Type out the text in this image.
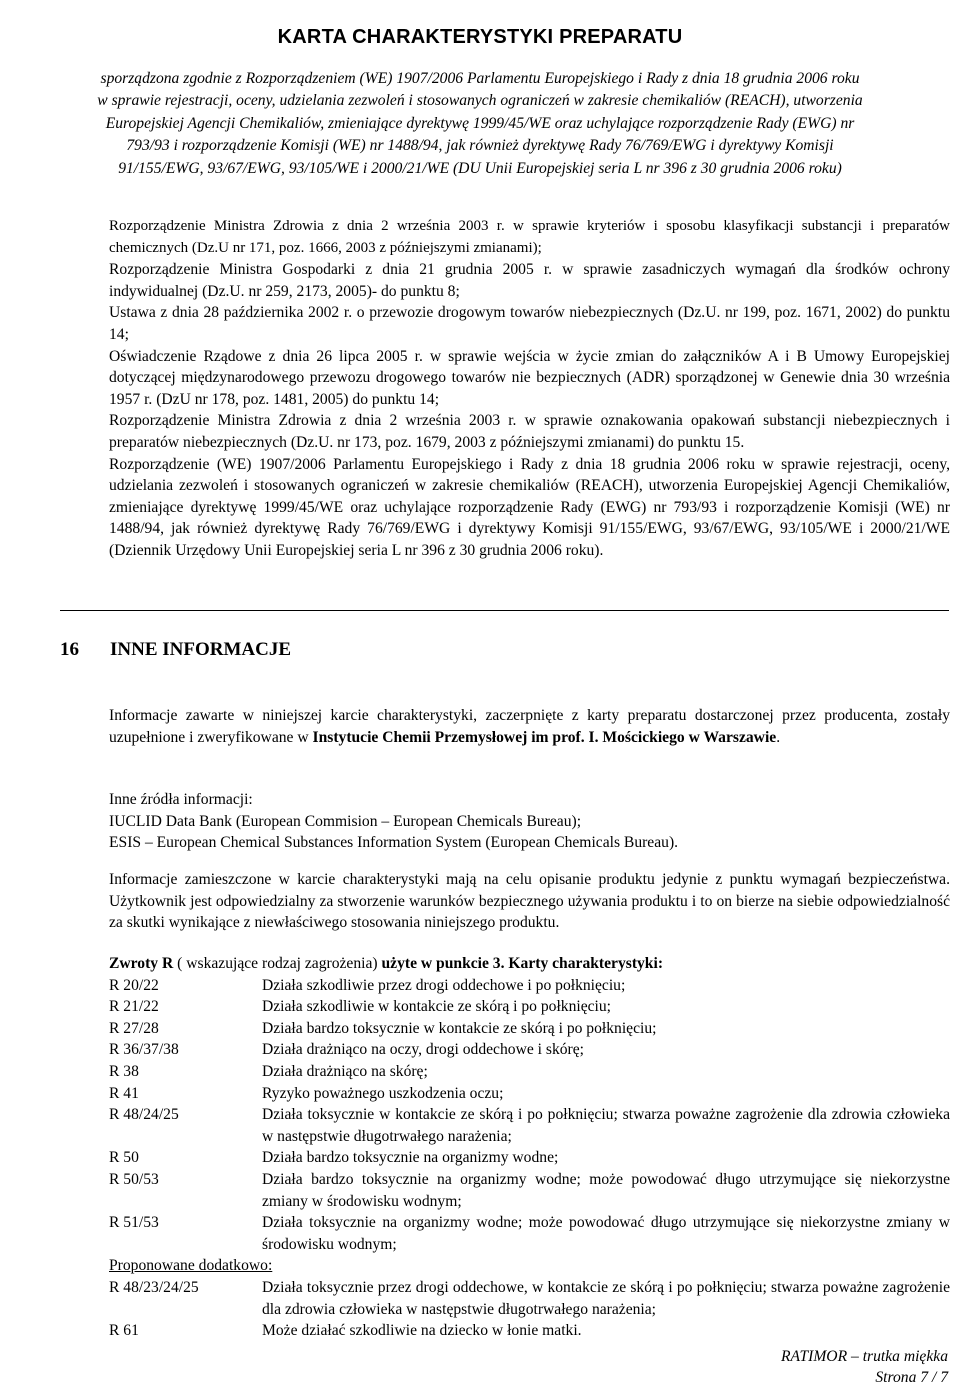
KARTA CHARAKTERYSTYKI PREPARATU
sporządzona zgodnie z Rozporządzeniem (WE) 1907/2006 Parlamentu Europejskiego i Rady z dnia 18 grudnia 2006 roku
w sprawie rejestracji, oceny, udzielania zezwoleń i stosowanych ograniczeń w zakresie chemikaliów (REACH), utworzenia
Europejskiej Agencji Chemikaliów, zmieniające dyrektywę 1999/45/WE oraz uchylające rozporządzenie Rady (EWG) nr
793/93 i rozporządzenie Komisji (WE) nr 1488/94, jak również dyrektywę Rady 76/769/EWG i dyrektywy Komisji
91/155/EWG, 93/67/EWG, 93/105/WE i 2000/21/WE (DU Unii Europejskiej seria L nr 396 z 30 grudnia 2006 roku)

Rozporządzenie Ministra Zdrowia z dnia 2 września 2003 r. w sprawie kryteriów i sposobu klasyfikacji substancji i preparatów chemicznych (Dz.U nr 171, poz. 1666, 2003 z późniejszymi zmianami);

Rozporządzenie Ministra Gospodarki z dnia 21 grudnia 2005 r. w sprawie zasadniczych wymagań dla środków ochrony indywidualnej (Dz.U. nr 259, 2173, 2005)- do punktu 8;

Ustawa z dnia 28 października 2002 r. o przewozie drogowym towarów niebezpiecznych (Dz.U. nr 199, poz. 1671, 2002) do punktu 14;

Oświadczenie Rządowe z dnia 26 lipca 2005 r. w sprawie wejścia w życie zmian do załączników A i B Umowy Europejskiej dotyczącej międzynarodowego przewozu drogowego towarów nie bezpiecznych (ADR) sporządzonej w Genewie dnia 30 września 1957 r. (DzU nr 178, poz. 1481, 2005) do punktu 14;

Rozporządzenie Ministra Zdrowia z dnia 2 września 2003 r. w sprawie oznakowania opakowań substancji niebezpiecznych i preparatów niebezpiecznych (Dz.U. nr 173, poz. 1679, 2003 z późniejszymi zmianami) do punktu 15.

Rozporządzenie (WE) 1907/2006 Parlamentu Europejskiego i Rady z dnia 18 grudnia 2006 roku w sprawie rejestracji, oceny, udzielania zezwoleń i stosowanych ograniczeń w zakresie chemikaliów (REACH), utworzenia Europejskiej Agencji Chemikaliów, zmieniające dyrektywę 1999/45/WE oraz uchylające rozporządzenie Rady (EWG) nr 793/93 i rozporządzenie Komisji (WE) nr 1488/94, jak również dyrektywę Rady 76/769/EWG i dyrektywy Komisji 91/155/EWG, 93/67/EWG, 93/105/WE i 2000/21/WE (Dziennik Urzędowy Unii Europejskiej seria L nr 396 z 30 grudnia 2006 roku).

16 INNE INFORMACJE

Informacje zawarte w niniejszej karcie charakterystyki, zaczerpnięte z karty preparatu dostarczonej przez producenta, zostały uzupełnione i zweryfikowane w Instytucie Chemii Przemysłowej im prof. I. Mościckiego w Warszawie.

Inne źródła informacji:

IUCLID Data Bank (European Commision – European Chemicals Bureau);

ESIS – European Chemical Substances Information System (European Chemicals Bureau).

Informacje zamieszczone w karcie charakterystyki mają na celu opisanie produktu jedynie z punktu wymagań bezpieczeństwa. Użytkownik jest odpowiedzialny za stworzenie warunków bezpiecznego używania produktu i to on bierze na siebie odpowiedzialność za skutki wynikające z niewłaściwego stosowania niniejszego produktu.

Zwroty R ( wskazujące rodzaj zagrożenia) użyte w punkcie 3. Karty charakterystyki:

R 20/22	Działa szkodliwie przez drogi oddechowe i po połknięciu;
R 21/22	Działa szkodliwie w kontakcie ze skórą i po połknięciu;
R 27/28	Działa bardzo toksycznie w kontakcie ze skórą i po połknięciu;
R 36/37/38	Działa drażniąco na oczy, drogi oddechowe i skórę;
R 38	Działa drażniąco na skórę;
R 41	Ryzyko poważnego uszkodzenia oczu;
R 48/24/25	Działa toksycznie w kontakcie ze skórą i po połknięciu; stwarza poważne zagrożenie dla zdrowia człowieka w następstwie długotrwałego narażenia;
R 50	Działa bardzo toksycznie na organizmy wodne;
R 50/53	Działa bardzo toksycznie na organizmy wodne; może powodować długo utrzymujące się niekorzystne zmiany w środowisku wodnym;
R 51/53	Działa toksycznie na organizmy wodne; może powodować długo utrzymujące się niekorzystne zmiany w środowisku wodnym;

Proponowane dodatkowo:

R 48/23/24/25	Działa toksycznie przez drogi oddechowe, w kontakcie ze skórą i po połknięciu; stwarza poważne zagrożenie dla zdrowia człowieka w następstwie długotrwałego narażenia;
R 61	Może działać szkodliwie na dziecko w łonie matki.
RATIMOR – trutka miękka
Strona 7 / 7
